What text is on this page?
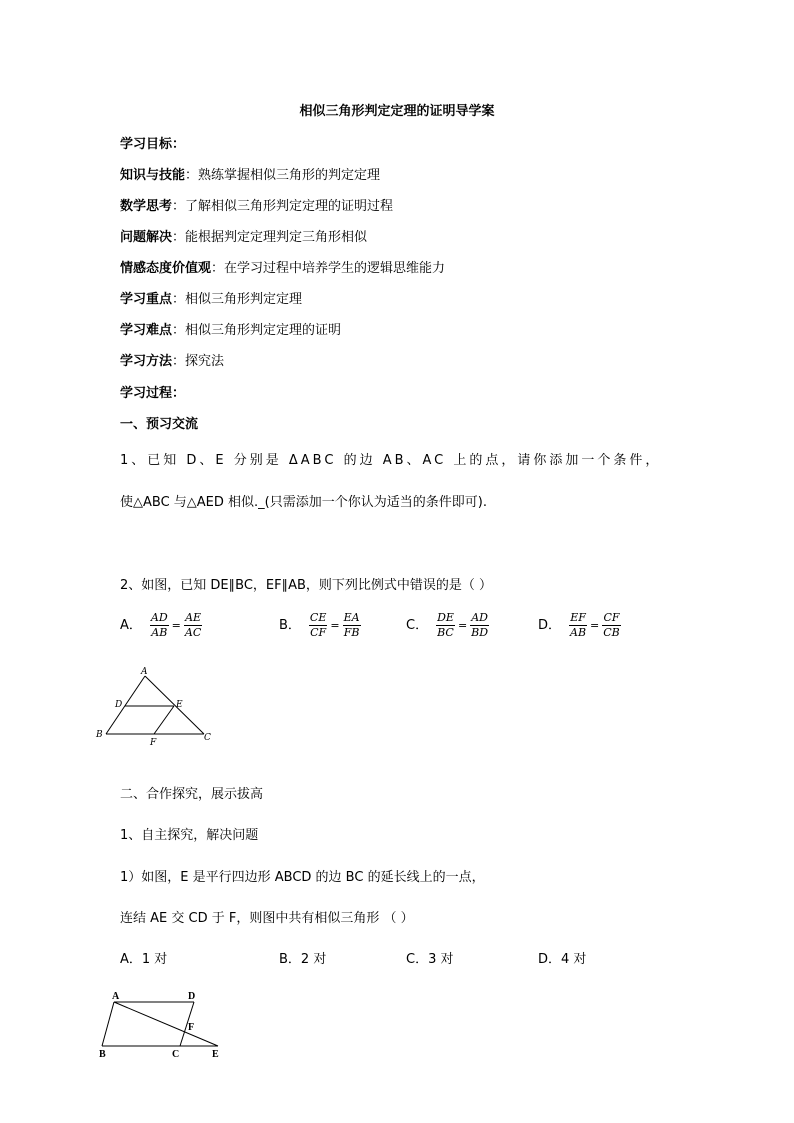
相似三角形判定定理的证明导学案
学习目标：
知识与技能：熟练掌握相似三角形的判定定理
数学思考：了解相似三角形判定定理的证明过程
问题解决：能根据判定定理判定三角形相似
情感态度价值观：在学习过程中培养学生的逻辑思维能力
学习重点：相似三角形判定定理
学习难点：相似三角形判定定理的证明
学习方法：探究法
学习过程：
一、预习交流
1、已知 D、E 分别是 ΔABC 的边 AB、AC 上的点，请你添加一个条件，
使△ABC 与△AED 相似._(只需添加一个你认为适当的条件即可).
2、如图，已知 DE∥BC，EF∥AB，则下列比例式中错误的是（ ）
A． $\frac{AD}{AB} = \frac{AE}{AC}$	B． $\frac{CE}{CF} = \frac{EA}{FB}$	C． $\frac{DE}{BC} = \frac{AD}{BD}$	D． $\frac{EF}{AB} = \frac{CF}{CB}$
A
B	C
D	E
F
二、合作探究，展示拔高
1、自主探究，解决问题
1）如图，E 是平行四边形 ABCD 的边 BC 的延长线上的一点，
连结 AE 交 CD 于 F，则图中共有相似三角形 （ ）
A．1 对	B．2 对	C．3 对	D．4 对
A	D
B	C	E
F
